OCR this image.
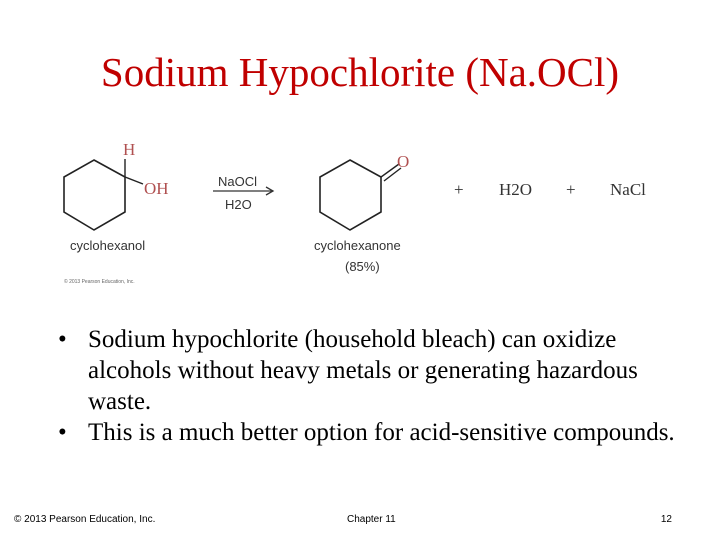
Sodium Hypochlorite (Na.OCl)
H
OH
cyclohexanol
NaOCl
H2O
O
cyclohexanone
(85%)
+ H2O + NaCl
© 2013 Pearson Education, Inc.
• Sodium hypochlorite (household bleach) can oxidize alcohols without heavy metals or generating hazardous waste.
• This is a much better option for acid-sensitive compounds.
© 2013 Pearson Education, Inc.	Chapter 11	12
